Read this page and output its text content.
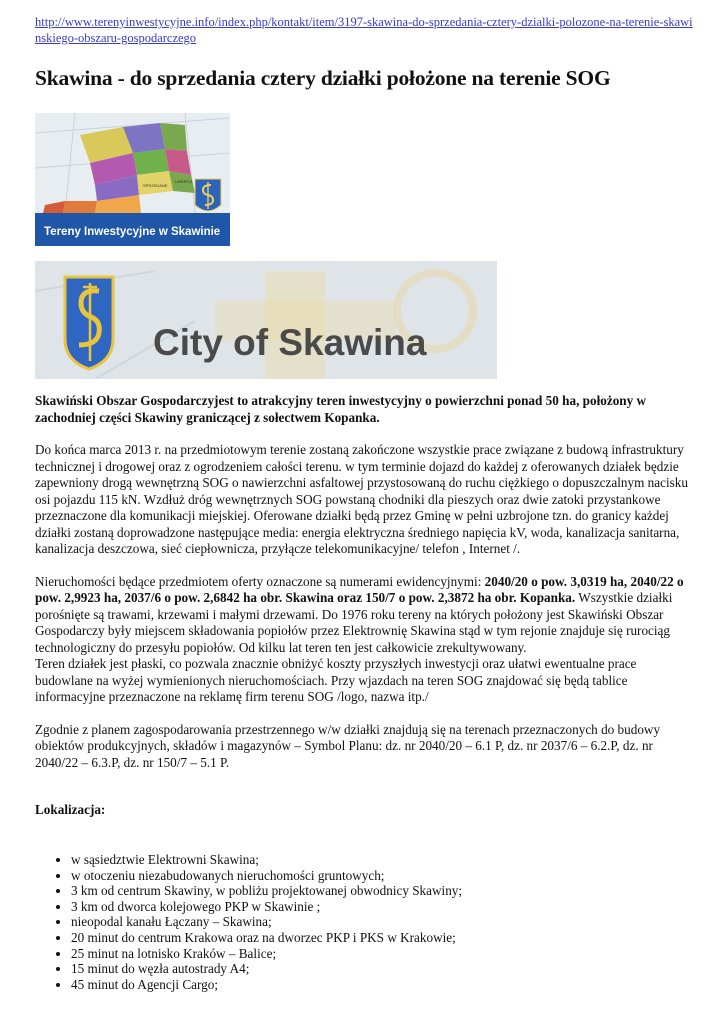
http://www.terenyinwestycyjne.info/index.php/kontakt/item/3197-skawina-do-sprzedania-cztery-dzialki-polozone-na-terenie-skawinskiego-obszaru-gospodarczego
Skawina - do sprzedania cztery działki położone na terenie SOG
SPRZEDANE
LIBERTIA
Tereny Inwestycyjne w Skawinie
City of Skawina

Skawiński Obszar Gospodarczyjest to atrakcyjny teren inwestycyjny o powierzchni ponad 50 ha, położony w zachodniej części Skawiny graniczącej z sołectwem Kopanka.

Do końca marca 2013 r. na przedmiotowym terenie zostaną zakończone wszystkie prace związane z budową infrastruktury technicznej i drogowej oraz z ogrodzeniem całości terenu. w tym terminie dojazd do każdej z oferowanych działek będzie zapewniony drogą wewnętrzną SOG o nawierzchni asfaltowej przystosowaną do ruchu ciężkiego o dopuszczalnym nacisku osi pojazdu 115 kN. Wzdłuż dróg wewnętrznych SOG powstaną chodniki dla pieszych oraz dwie zatoki przystankowe przeznaczone dla komunikacji miejskiej. Oferowane działki będą przez Gminę w pełni uzbrojone tzn. do granicy każdej działki zostaną doprowadzone następujące media: energia elektryczna średniego napięcia kV, woda, kanalizacja sanitarna, kanalizacja deszczowa, sieć ciepłownicza, przyłącze telekomunikacyjne/ telefon , Internet /.

Nieruchomości będące przedmiotem oferty oznaczone są numerami ewidencyjnymi: 2040/20 o pow. 3,0319 ha, 2040/22 o pow. 2,9923 ha, 2037/6 o pow. 2,6842 ha obr. Skawina oraz 150/7 o pow. 2,3872 ha obr. Kopanka. Wszystkie działki porośnięte są trawami, krzewami i małymi drzewami. Do 1976 roku tereny na których położony jest Skawiński Obszar Gospodarczy były miejscem składowania popiołów przez Elektrownię Skawina stąd w tym rejonie znajduje się rurociąg technologiczny do przesyłu popiołów. Od kilku lat teren ten jest całkowicie zrekultywowany.

Teren działek jest płaski, co pozwala znacznie obniżyć koszty przyszłych inwestycji oraz ułatwi ewentualne prace budowlane na wyżej wymienionych nieruchomościach. Przy wjazdach na teren SOG znajdować się będą tablice informacyjne przeznaczone na reklamę firm terenu SOG /logo, nazwa itp./

Zgodnie z planem zagospodarowania przestrzennego w/w działki znajdują się na terenach przeznaczonych do budowy obiektów produkcyjnych, składów i magazynów – Symbol Planu: dz. nr 2040/20 – 6.1 P, dz. nr 2037/6 – 6.2.P, dz. nr 2040/22 – 6.3.P, dz. nr 150/7 – 5.1 P.

Lokalizacja:
• w sąsiedztwie Elektrowni Skawina;
• w otoczeniu niezabudowanych nieruchomości gruntowych;
• 3 km od centrum Skawiny, w pobliżu projektowanej obwodnicy Skawiny;
• 3 km od dworca kolejowego PKP w Skawinie ;
• nieopodal kanału Łączany – Skawina;
• 20 minut do centrum Krakowa oraz na dworzec PKP i PKS w Krakowie;
• 25 minut na lotnisko Kraków – Balice;
• 15 minut do węzła autostrady A4;
• 45 minut do Agencji Cargo;
